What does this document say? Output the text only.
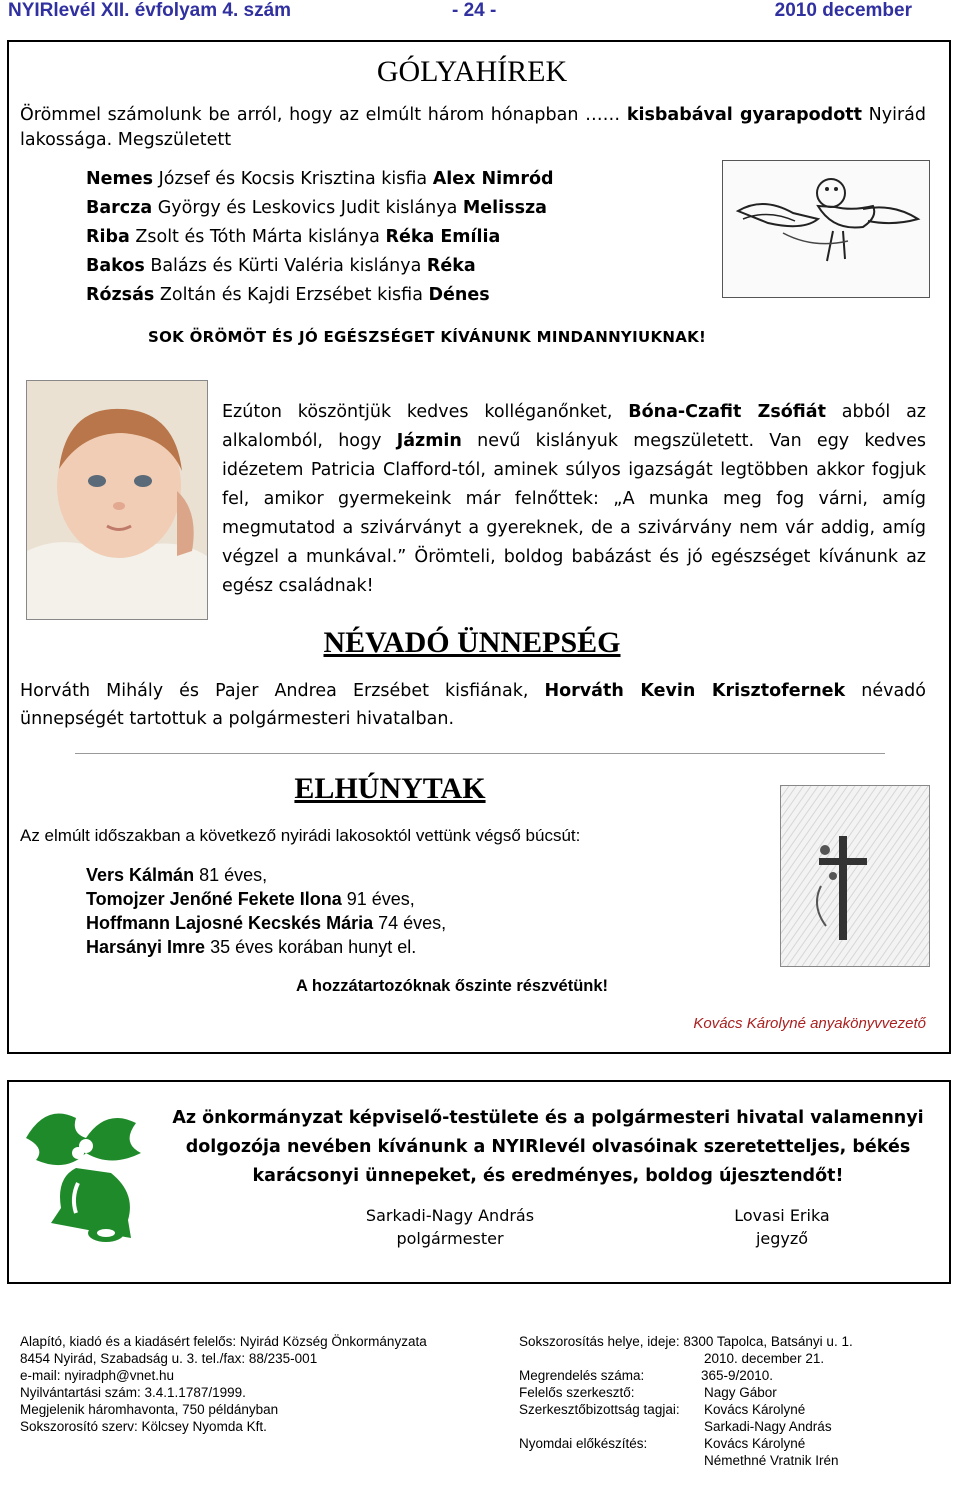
NYIRlevél XII. évfolyam 4. szám	- 24 -	2010 december
GÓLYAHÍREK
Örömmel számolunk be arról, hogy az elmúlt három hónapban …… kisbabával gyarapodott Nyirád lakossága. Megszületett
Nemes József és Kocsis Krisztina kisfia Alex Nimród
Barcza György és Leskovics Judit kislánya Melissza
Riba Zsolt és Tóth Márta kislánya Réka Emília
Bakos Balázs és Kürti Valéria kislánya Réka
Rózsás Zoltán és Kajdi Erzsébet kisfia Dénes
SOK ÖRÖMÖT ÉS JÓ EGÉSZSÉGET KÍVÁNUNK MINDANNYIUKNAK!
Ezúton köszöntjük kedves kolléganőnket, Bóna-Czafit Zsófiát abból az alkalomból, hogy Jázmin nevű kislányuk megszületett. Van egy kedves idézetem Patricia Clafford-tól, aminek súlyos igazságát legtöbben akkor fogjuk fel, amikor gyermekeink már felnőttek: „A munka meg fog várni, amíg megmutatod a szivárványt a gyereknek, de a szivárvány nem vár addig, amíg végzel a munkával.” Örömteli, boldog babázást és jó egészséget kívánunk az egész családnak!
NÉVADÓ ÜNNEPSÉG
Horváth Mihály és Pajer Andrea Erzsébet kisfiának, Horváth Kevin Krisztofernek névadó ünnepségét tartottuk a polgármesteri hivatalban.
ELHÚNYTAK
Az elmúlt időszakban a következő nyirádi lakosoktól vettünk végső búcsút:
Vers Kálmán 81 éves,
Tomojzer Jenőné Fekete Ilona 91 éves,
Hoffmann Lajosné Kecskés Mária 74 éves,
Harsányi Imre 35 éves korában hunyt el.
A hozzátartozóknak őszinte részvétünk!
Kovács Károlyné anyakönyvvezető
Az önkormányzat képviselő-testülete és a polgármesteri hivatal valamennyi dolgozója nevében kívánunk a NYIRlevél olvasóinak szeretetteljes, békés karácsonyi ünnepeket, és eredményes, boldog újesztendőt!
Sarkadi-Nagy András
polgármester
Lovasi Erika
jegyző
Alapító, kiadó és a kiadásért felelős: Nyirád Község Önkormányzata
8454 Nyirád, Szabadság u. 3. tel./fax: 88/235-001
e-mail: nyiradph@vnet.hu
Nyilvántartási szám: 3.4.1.1787/1999.
Megjelenik háromhavonta, 750 példányban
Sokszorosító szerv: Kölcsey Nyomda Kft.
Sokszorosítás helye, ideje: 8300 Tapolca, Batsányi u. 1.
2010. december 21.
Megrendelés száma:	365-9/2010.
Felelős szerkesztő:	Nagy Gábor
Szerkesztőbizottság tagjai: Kovács Károlyné
Sarkadi-Nagy András
Nyomdai előkészítés:	Kovács Károlyné
Némethné Vratnik Irén
